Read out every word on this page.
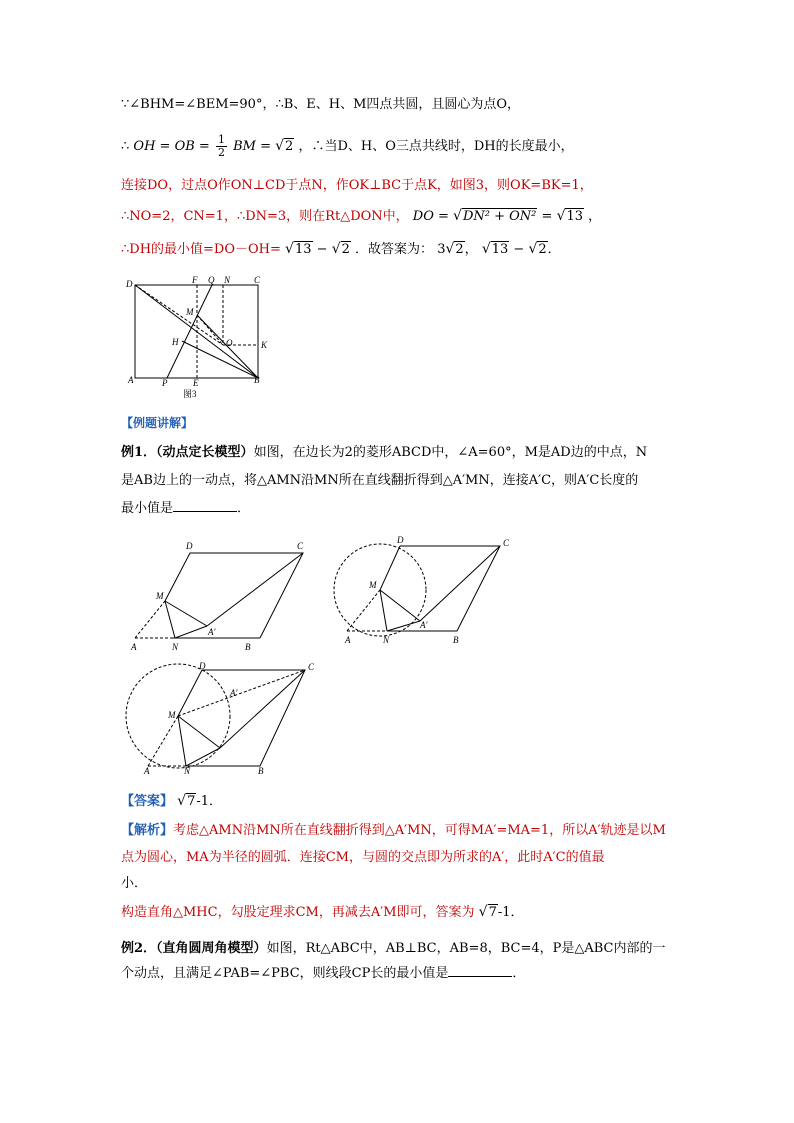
∵∠BHM=∠BEM=90°，∴B、E、H、M四点共圆，且圆心为点O，
∴ OH = OB = $\frac{1}{2}$ BM = √2 ，∴当D、H、O三点共线时，DH的长度最小，
连接DO，过点O作ON⊥CD于点N，作OK⊥BC于点K，如图3，则OK=BK=1，
∴NO=2，CN=1，∴DN=3，则在Rt△DON中， DO = √DN² + ON² = √13 ，
∴DH的最小值=DO－OH= √13 − √2 ．故答案为： 3√2， √13 − √2．
D	F Q N	C
M
H	O	K
A	P	E	B
图3
【例题讲解】
例1．（动点定长模型）如图，在边长为2的菱形ABCD中，∠A=60°，M是AD边的中点，N
是AB边上的一动点，将△AMN沿MN所在直线翻折得到△A′MN，连接A′C，则A′C长度的
最小值是	．
D	C
M
A′
A	N	B
D	C
M
A′
A	N	B
D	C
M
A′
A	N	B
【答案】 √7-1．
【解析】考虑△AMN沿MN所在直线翻折得到△A′MN，可得MA′=MA=1，所以A′轨迹是以M
点为圆心，MA为半径的圆弧．连接CM，与圆的交点即为所求的A′，此时A′C的值最
小．
构造直角△MHC，勾股定理求CM，再减去A′M即可，答案为 √7-1．
例2．（直角圆周角模型）如图，Rt△ABC中，AB⊥BC，AB=8，BC=4，P是△ABC内部的一
个动点，且满足∠PAB=∠PBC，则线段CP长的最小值是	．
